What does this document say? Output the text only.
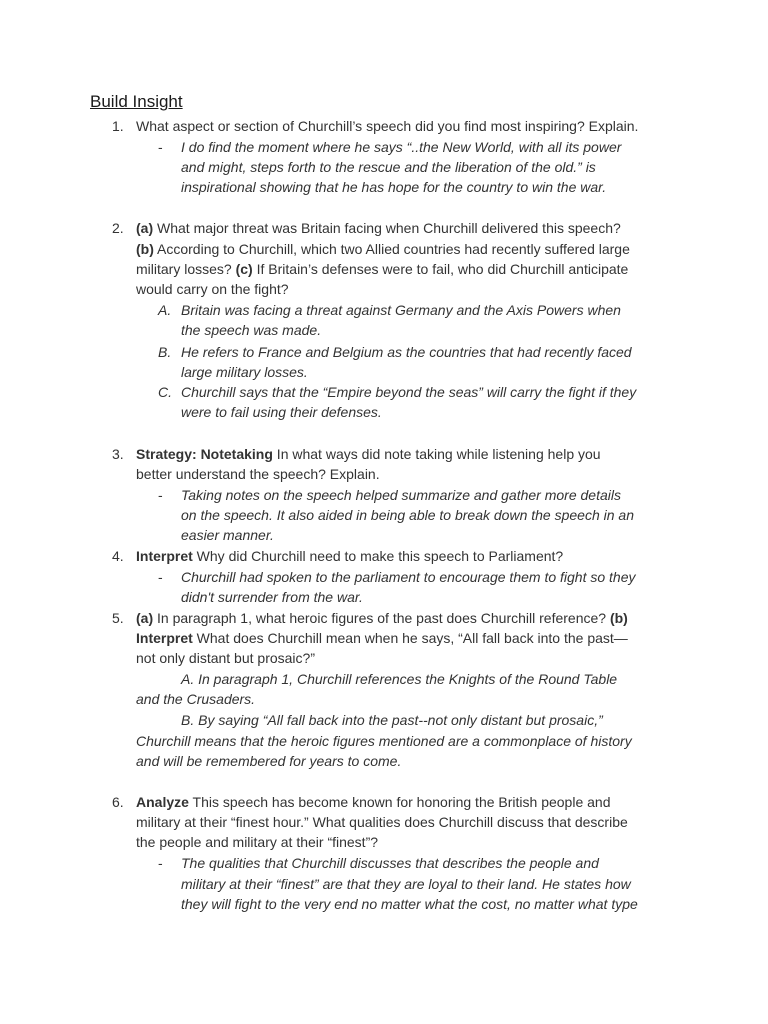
Build Insight
1. What aspect or section of Churchill’s speech did you find most inspiring? Explain.
- I do find the moment where he says “..the New World, with all its power
and might, steps forth to the rescue and the liberation of the old.” is
inspirational showing that he has hope for the country to win the war.
2. (a) What major threat was Britain facing when Churchill delivered this speech?
(b) According to Churchill, which two Allied countries had recently suffered large
military losses? (c) If Britain’s defenses were to fail, who did Churchill anticipate
would carry on the fight?
A. Britain was facing a threat against Germany and the Axis Powers when
the speech was made.
B. He refers to France and Belgium as the countries that had recently faced
large military losses.
C. Churchill says that the “Empire beyond the seas” will carry the fight if they
were to fail using their defenses.
3. Strategy: Notetaking In what ways did note taking while listening help you
better understand the speech? Explain.
- Taking notes on the speech helped summarize and gather more details
on the speech. It also aided in being able to break down the speech in an
easier manner.
4. Interpret Why did Churchill need to make this speech to Parliament?
- Churchill had spoken to the parliament to encourage them to fight so they
didn't surrender from the war.
5. (a) In paragraph 1, what heroic figures of the past does Churchill reference? (b)
Interpret What does Churchill mean when he says, “All fall back into the past—
not only distant but prosaic?”
A. In paragraph 1, Churchill references the Knights of the Round Table
and the Crusaders.
B. By saying “All fall back into the past--not only distant but prosaic,”
Churchill means that the heroic figures mentioned are a commonplace of history
and will be remembered for years to come.
6. Analyze This speech has become known for honoring the British people and
military at their “finest hour.” What qualities does Churchill discuss that describe
the people and military at their “finest”?
- The qualities that Churchill discusses that describes the people and
military at their “finest” are that they are loyal to their land. He states how
they will fight to the very end no matter what the cost, no matter what type
